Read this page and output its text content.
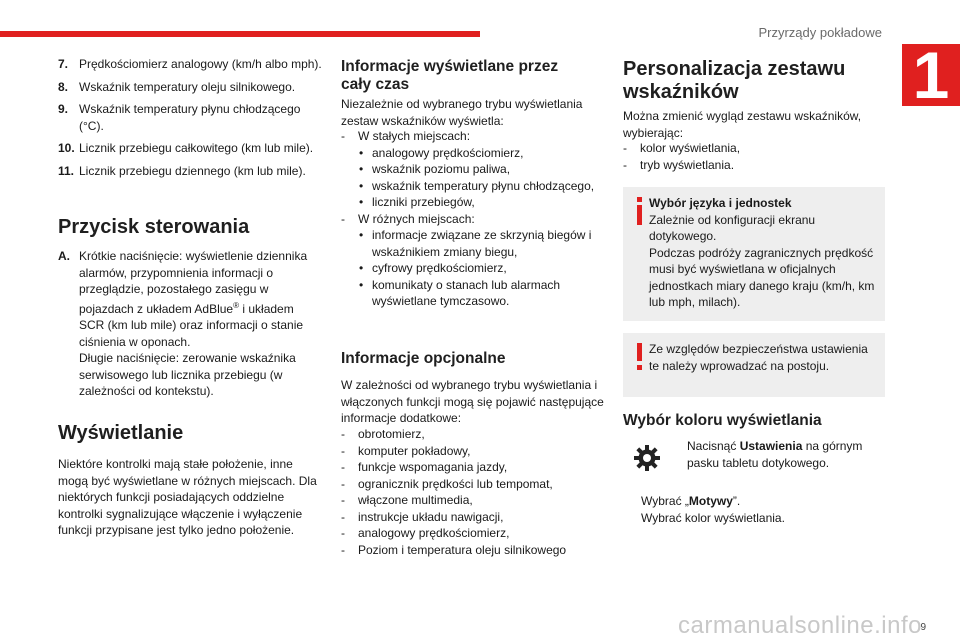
Przyrządy pokładowe
1
7. Prędkościomierz analogowy (km/h albo mph).
8. Wskaźnik temperatury oleju silnikowego.
9. Wskaźnik temperatury płynu chłodzącego (°C).
10. Licznik przebiegu całkowitego (km lub mile).
11. Licznik przebiegu dziennego (km lub mile).
Przycisk sterowania
A. Krótkie naciśnięcie: wyświetlenie dziennika alarmów, przypomnienia informacji o przeglądzie, pozostałego zasięgu w pojazdach z układem AdBlue® i układem SCR (km lub mile) oraz informacji o stanie ciśnienia w oponach.
Długie naciśnięcie: zerowanie wskaźnika serwisowego lub licznika przebiegu (w zależności od kontekstu).
Wyświetlanie

Niektóre kontrolki mają stałe położenie, inne mogą być wyświetlane w różnych miejscach. Dla niektórych funkcji posiadających oddzielne kontrolki sygnalizujące włączenie i wyłączenie funkcji przypisane jest tylko jedno położenie.

Informacje wyświetlane przez cały czas

Niezależnie od wybranego trybu wyświetlania zestaw wskaźników wyświetla:

-	W stałych miejscach:
• analogowy prędkościomierz,
• wskaźnik poziomu paliwa,
• wskaźnik temperatury płynu chłodzącego,
• liczniki przebiegów,
-	W różnych miejscach:
• informacje związane ze skrzynią biegów i wskaźnikiem zmiany biegu,
• cyfrowy prędkościomierz,
• komunikaty o stanach lub alarmach wyświetlane tymczasowo.
Informacje opcjonalne

W zależności od wybranego trybu wyświetlania i włączonych funkcji mogą się pojawić następujące informacje dodatkowe:

-	obrotomierz,
-	komputer pokładowy,
-	funkcje wspomagania jazdy,
-	ogranicznik prędkości lub tempomat,
-	włączone multimedia,
-	instrukcje układu nawigacji,
-	analogowy prędkościomierz,
-	Poziom i temperatura oleju silnikowego
Personalizacja zestawu wskaźników

Można zmienić wygląd zestawu wskaźników, wybierając:

-	kolor wyświetlania,
-	tryb wyświetlania.
Wybór języka i jednostek
Zależnie od konfiguracji ekranu dotykowego.
Podczas podróży zagranicznych prędkość musi być wyświetlana w oficjalnych jednostkach miary danego kraju (km/h, km lub mph, milach).
Ze względów bezpieczeństwa ustawienia te należy wprowadzać na postoju.
Wybór koloru wyświetlania
Nacisnąć Ustawienia na górnym pasku tabletu dotykowego.
Wybrać „Motywy”.
Wybrać kolor wyświetlania.
9
carmanualsonline.info
